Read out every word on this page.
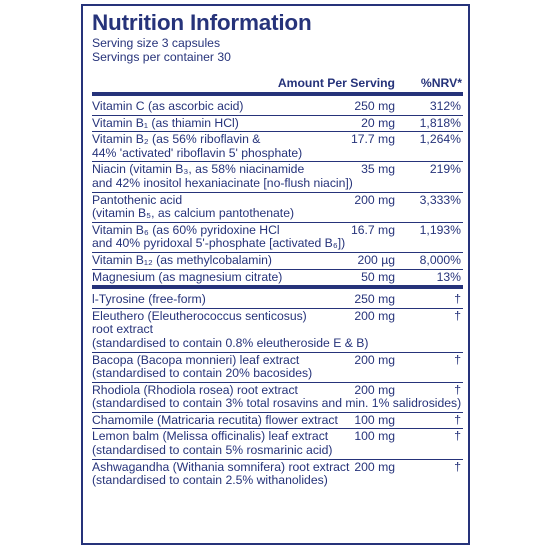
Nutrition Information
Serving size 3 capsules
Servings per container 30
Amount Per Serving %NRV*
Vitamin C (as ascorbic acid)	250 mg	312%
Vitamin B₁ (as thiamin HCl)	20 mg 1,818%
Vitamin B₂ (as 56% riboflavin &
44% 'activated' riboflavin 5' phosphate)
17.7 mg 1,264%
Niacin (vitamin B₃, as 58% niacinamide
and 42% inositol hexaniacinate [no-flush niacin])
35 mg	219%
Pantothenic acid
(vitamin B₅, as calcium pantothenate)
200 mg 3,333%
Vitamin B₆ (as 60% pyridoxine HCl
and 40% pyridoxal 5'-phosphate [activated B₆])
16.7 mg 1,193%
Vitamin B₁₂ (as methylcobalamin)	200 µg 8,000%
Magnesium (as magnesium citrate)	50 mg	13%
l-Tyrosine (free-form)	250 mg	†
Eleuthero (Eleutherococcus senticosus)
root extract
(standardised to contain 0.8% eleutheroside E & B)
200 mg	†
Bacopa (Bacopa monnieri) leaf extract
(standardised to contain 20% bacosides)
200 mg	†
Rhodiola (Rhodiola rosea) root extract
(standardised to contain 3% total rosavins and min. 1% salidrosides)
200 mg	†
Chamomile (Matricaria recutita) flower extract	100 mg	†
Lemon balm (Melissa officinalis) leaf extract
(standardised to contain 5% rosmarinic acid)
100 mg	†
Ashwagandha (Withania somnifera) root extract
(standardised to contain 2.5% withanolides)
200 mg	†
